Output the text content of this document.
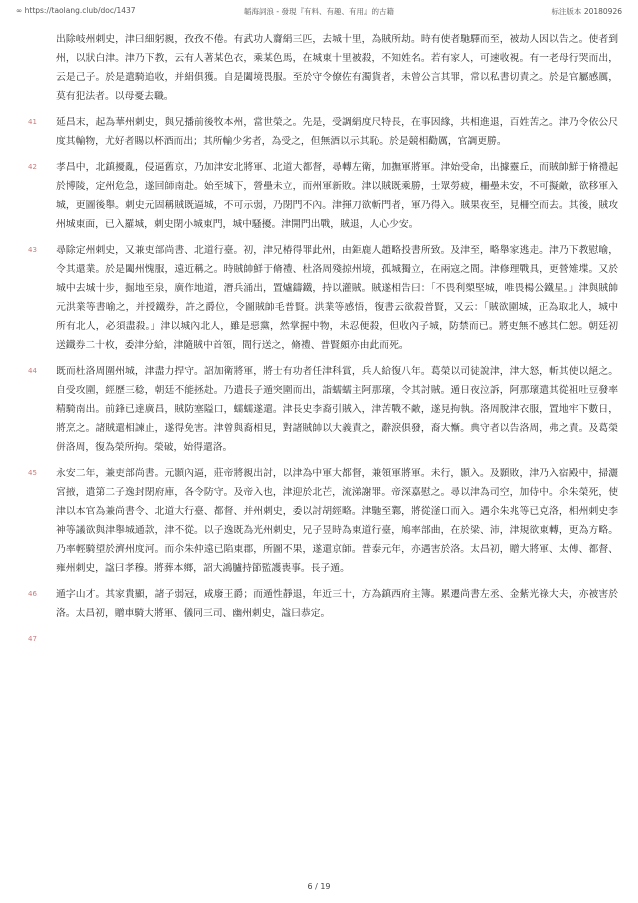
∞ https://taolang.club/doc/1437	韜海詞浪 - 發現『有料、有趣、有用』的古籍	标注版本 20180926
出除岐州刺史，津曰細躬親，孜孜不倦。有武功人齎絹三匹，去城十里，為賊所劫。時有使者馳驛而至，被劫人因以告之。使者到州，以狀白津。津乃下教，云有人著某色衣，乘某色馬，在城東十里被殺，不知姓名。若有家人，可速收視。有一老母行哭而出，云是己子。於是遣騎追收，并絹俱獲。自是闔境畏服。至於守令僚佐有濁貨者，未曾公言其罪，常以私書切責之。於是官屬感厲，莫有犯法者。以母憂去職。
41 延昌末，起為華州刺史，與兄播前後牧本州，當世榮之。先是，受調絹度尺特長，在事因緣，共相進退，百姓苦之。津乃令依公尺度其輸物，尤好者賜以杯酒而出；其所輸少劣者，為受之，但無酒以示其恥。於是競相勸厲，官調更勝。
42 孝昌中，北鎮擾亂，侵逼舊京，乃加津安北將軍、北道大都督，尋轉左衛，加撫軍將軍。津始受命，出據靈丘，而賊帥鮮于脩禮起於博陵，定州危急，遂回師南赴。始至城下，營壘未立，而州軍新敗。津以賊既乘勝，士眾勞疲，柵壘未安，不可擬敵，欲移軍入城，更圖後舉。刺史元固稱賊既逼城，不可示弱，乃閉門不內。津揮刀欲斬門者，軍乃得入。賊果夜至，見柵空而去。其後，賊攻州城東面，已入羅城，刺史閉小城東門，城中騷擾。津開門出戰，賊退，人心少安。
43 尋除定州刺史，又兼吏部尚書、北道行臺。初，津兄椿得罪此州，由鉅鹿人趙略投書所致。及津至，略舉家逃走。津乃下教慰喻，令其還業。於是闔州愧服，遠近稱之。時賊帥鮮于脩禮、杜洛周殘掠州境，孤城獨立，在兩寇之間。津修理戰具，更營雉堞。又於城中去城十步，掘地至泉，廣作地道，潛兵涌出，置爐鑄鐵，持以灌賊。賊遂相告曰：「不畏利槊堅城，唯畏楊公鐵星。」津與賊帥元洪業等書喻之，并授鐵券，許之爵位，令圖賊帥毛普賢。洪業等感悟，復書云欲殺普賢，又云：「賊欲圍城，正為取北人，城中所有北人，必須盡殺。」津以城內北人，雖是惡黨，然掌握中物，未忍便殺，但收內子城，防禁而已。將吏無不感其仁恕。朝廷初送鐵券二十枚，委津分給，津隨賊中首領，間行送之，脩禮、普賢頗亦由此而死。
44 既而杜洛周圍州城，津盡力捍守。詔加衛將軍，將士有功者任津科賞，兵人給復八年。葛榮以司徒說津，津大怒，斬其使以絕之。自受攻圍，經歷三稔，朝廷不能拯赴。乃遣長子遁突圍而出，詣蠕蠕主阿那瓌，令其討賊。遁日夜泣訴，阿那瓌遣其從祖吐豆發率精騎南出。前鋒已達廣昌，賊防塞隘口，蠕蠕遂還。津長史李裔引賊入，津苦戰不敵，遂見拘執。洛周脫津衣服，置地牢下數日，將烹之。諸賊還相諫止，遂得免害。津曾與裔相見，對諸賊帥以大義責之，辭淚俱發，裔大慚。典守者以告洛周，弗之責。及葛榮併洛周，復為榮所拘。榮破，始得還洛。
45 永安二年，兼吏部尚書。元顥內逼，莊帝將親出討，以津為中軍大都督，兼領軍將軍。未行，顥入。及顥敗，津乃入宿殿中，掃灑宮掖，遣第二子逸封閉府庫，各令防守。及帝入也，津迎於北芒，流涕謝罪。帝深嘉慰之。尋以津為司空，加侍中。尒朱榮死，使津以本官為兼尚書令、北道大行臺、都督、并州刺史，委以討胡經略。津馳至鄴，將從滏口而入。遇尒朱兆等已克洛，相州刺史李神等議欲與津舉城通款，津不從。以子逸既為光州刺史，兄子昱時為東道行臺，鳩率部曲，在於梁、沛，津規欲東轉，更為方略。乃率輕騎望於濟州度河。而尒朱仲遠已陷東郡，所圖不果，遂還京師。普泰元年，亦遇害於洛。太昌初，贈大將軍、太傅、都督、雍州刺史，諡曰孝穆。將葬本鄉，詔大鴻臚持節監護喪事。長子遁。
46 遁字山才。其家貴顯，諸子弱冠，咸廢王爵；而遁性靜退，年近三十，方為鎮西府主簿。累遷尚書左丞、金紫光祿大夫，亦被害於洛。太昌初，贈車騎大將軍、儀同三司、幽州刺史，諡曰恭定。
47
6 / 19
